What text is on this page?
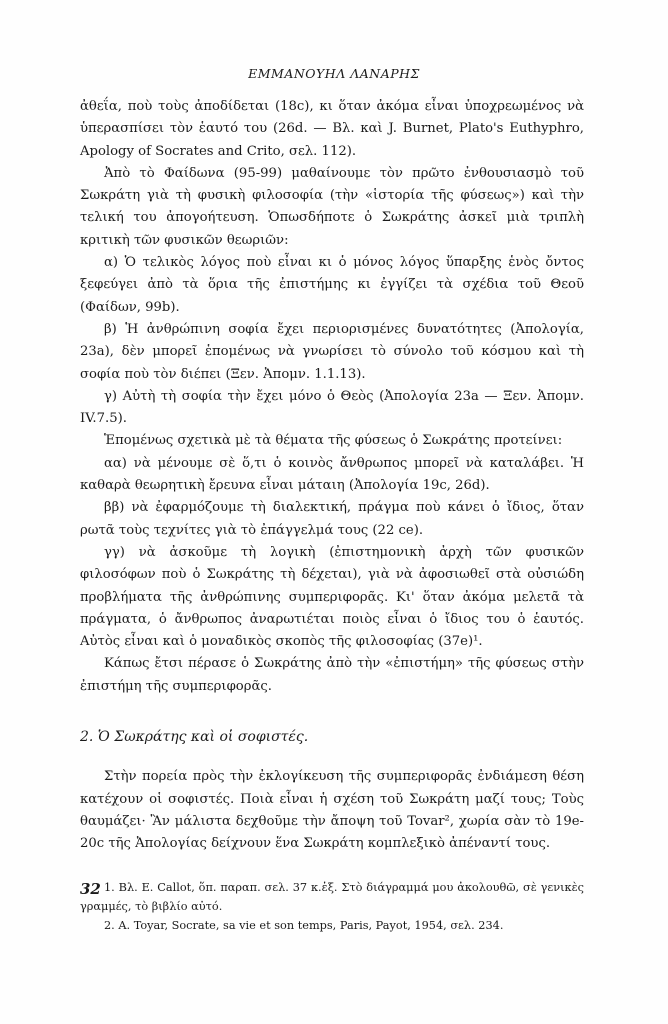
ΕΜΜΑΝΟΥΗΛ ΛΑΝΑΡΗΣ

ἀθεΐα, ποὺ τοὺς ἀποδίδεται (18c), κι ὅταν ἀκόμα εἶναι ὑποχρεωμένος νὰ ὑπερασπίσει τὸν ἑαυτό του (26d. — Βλ. καὶ J. Burnet, Plato's Euthyphro, Apology of Socrates and Crito, σελ. 112).

Ἀπὸ τὸ Φαίδωνα (95-99) μαθαίνουμε τὸν πρῶτο ἐνθουσιασμὸ τοῦ Σωκράτη γιὰ τὴ φυσικὴ φιλοσοφία (τὴν «ἱστορία τῆς φύσεως») καὶ τὴν τελική του ἀπογοήτευση. Ὁπωσδήποτε ὁ Σωκράτης ἀσκεῖ μιὰ τριπλὴ κριτικὴ τῶν φυσικῶν θεωριῶν:

α) Ὁ τελικὸς λόγος ποὺ εἶναι κι ὁ μόνος λόγος ὕπαρξης ἑνὸς ὄντος ξεφεύγει ἀπὸ τὰ ὅρια τῆς ἐπιστήμης κι ἐγγίζει τὰ σχέδια τοῦ Θεοῦ (Φαίδων, 99b).

β) Ἡ ἀνθρώπινη σοφία ἔχει περιορισμένες δυνατότητες (Ἀπολογία, 23a), δὲν μπορεῖ ἑπομένως νὰ γνωρίσει τὸ σύνολο τοῦ κόσμου καὶ τὴ σοφία ποὺ τὸν διέπει (Ξεν. Ἀπομν. 1.1.13).

γ) Αὐτὴ τὴ σοφία τὴν ἔχει μόνο ὁ Θεὸς (Ἀπολογία 23a — Ξεν. Ἀπομν. IV.7.5).

Ἑπομένως σχετικὰ μὲ τὰ θέματα τῆς φύσεως ὁ Σωκράτης προτείνει:

αα) νὰ μένουμε σὲ ὅ,τι ὁ κοινὸς ἄνθρωπος μπορεῖ νὰ καταλάβει. Ἡ καθαρὰ θεωρητικὴ ἔρευνα εἶναι μάταιη (Ἀπολογία 19c, 26d).

ββ) νὰ ἐφαρμόζουμε τὴ διαλεκτική, πράγμα ποὺ κάνει ὁ ἴδιος, ὅταν ρωτᾶ τοὺς τεχνίτες γιὰ τὸ ἐπάγγελμά τους (22 ce).

γγ) νὰ ἀσκοῦμε τὴ λογικὴ (ἐπιστημονικὴ ἀρχὴ τῶν φυσικῶν φιλοσόφων ποὺ ὁ Σωκράτης τὴ δέχεται), γιὰ νὰ ἀφοσιωθεῖ στὰ οὐσιώδη προβλήματα τῆς ἀνθρώπινης συμπεριφορᾶς. Κι' ὅταν ἀκόμα μελετᾶ τὰ πράγματα, ὁ ἄνθρωπος ἀναρωτιέται ποιὸς εἶναι ὁ ἴδιος του ὁ ἑαυτός. Αὐτὸς εἶναι καὶ ὁ μοναδικὸς σκοπὸς τῆς φιλοσοφίας (37e)¹.

Κάπως ἔτσι πέρασε ὁ Σωκράτης ἀπὸ τὴν «ἐπιστήμη» τῆς φύσεως στὴν ἐπιστήμη τῆς συμπεριφορᾶς.

2. Ὁ Σωκράτης καὶ οἱ σοφιστές.

Στὴν πορεία πρὸς τὴν ἐκλογίκευση τῆς συμπεριφορᾶς ἐνδιάμεση θέση κατέχουν οἱ σοφιστές. Ποιὰ εἶναι ἡ σχέση τοῦ Σωκράτη μαζί τους; Τοὺς θαυμάζει· Ἂν μάλιστα δεχθοῦμε τὴν ἄποψη τοῦ Tovar², χωρία σὰν τὸ 19e-20c τῆς Ἀπολογίας δείχνουν ἕνα Σωκράτη κομπλεξικὸ ἀπέναντί τους.

1. Βλ. E. Callot, ὅπ. παραπ. σελ. 37 κ.ἑξ. Στὸ διάγραμμά μου ἀκολουθῶ, σὲ γενικὲς γραμμές, τὸ βιβλίο αὐτό.

2. A. Toyar, Socrate, sa vie et son temps, Paris, Payot, 1954, σελ. 234.

32
